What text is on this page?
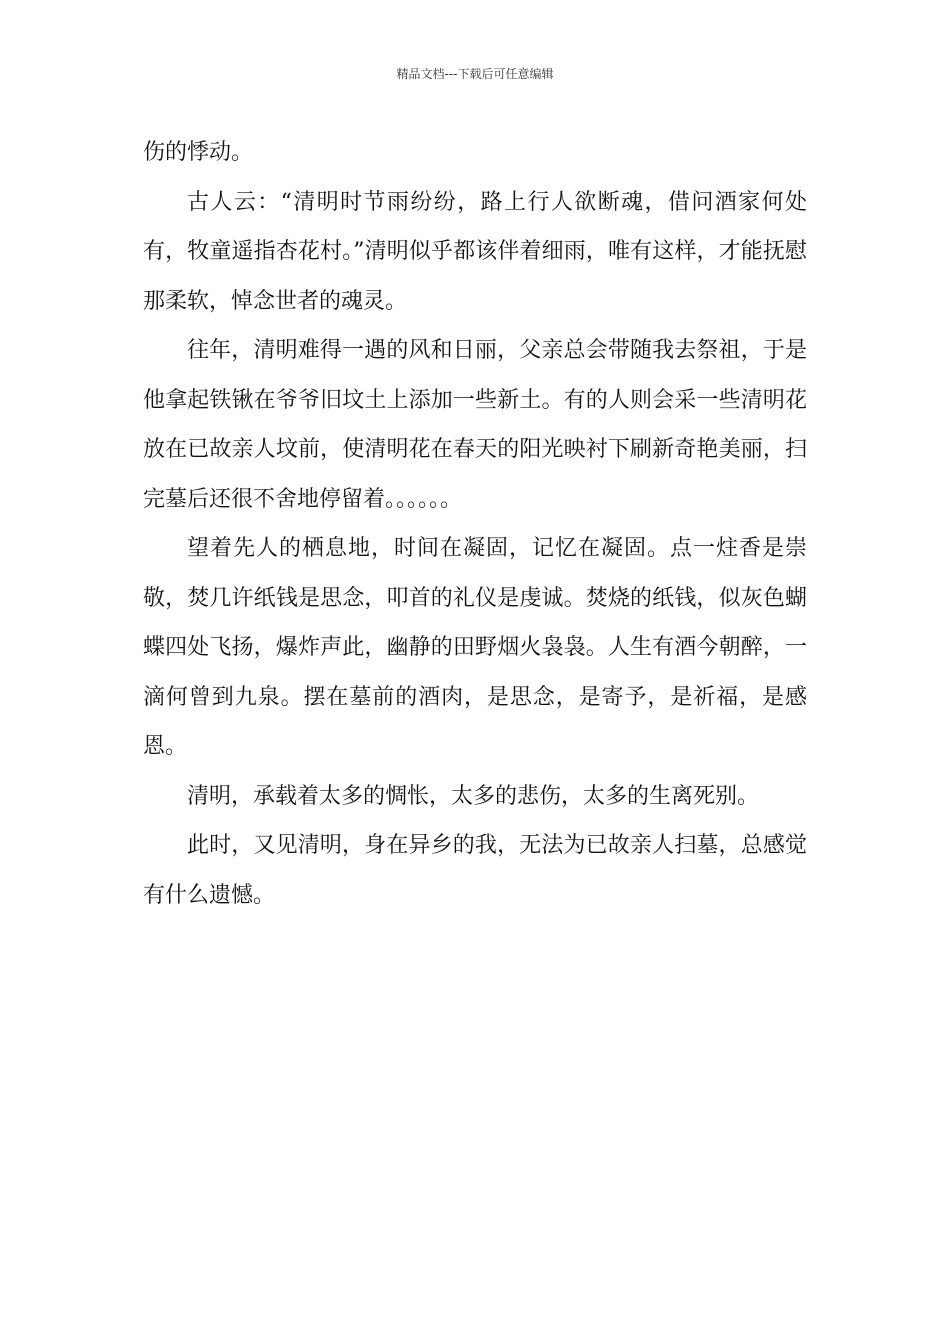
精品文档---下载后可任意编辑

伤的悸动。

古人云：“清明时节雨纷纷，路上行人欲断魂，借问酒家何处有，牧童遥指杏花村。”清明似乎都该伴着细雨，唯有这样，才能抚慰那柔软，悼念世者的魂灵。

往年，清明难得一遇的风和日丽，父亲总会带随我去祭祖，于是他拿起铁锹在爷爷旧坟土上添加一些新土。有的人则会采一些清明花放在已故亲人坟前，使清明花在春天的阳光映衬下刷新奇艳美丽，扫完墓后还很不舍地停留着。。。。。。

望着先人的栖息地，时间在凝固，记忆在凝固。点一炷香是崇敬，焚几许纸钱是思念，叩首的礼仪是虔诚。焚烧的纸钱，似灰色蝴蝶四处飞扬，爆炸声此，幽静的田野烟火袅袅。人生有酒今朝醉，一滴何曾到九泉。摆在墓前的酒肉，是思念，是寄予，是祈福，是感恩。

清明，承载着太多的惆怅，太多的悲伤，太多的生离死别。

此时，又见清明，身在异乡的我，无法为已故亲人扫墓，总感觉有什么遗憾。
